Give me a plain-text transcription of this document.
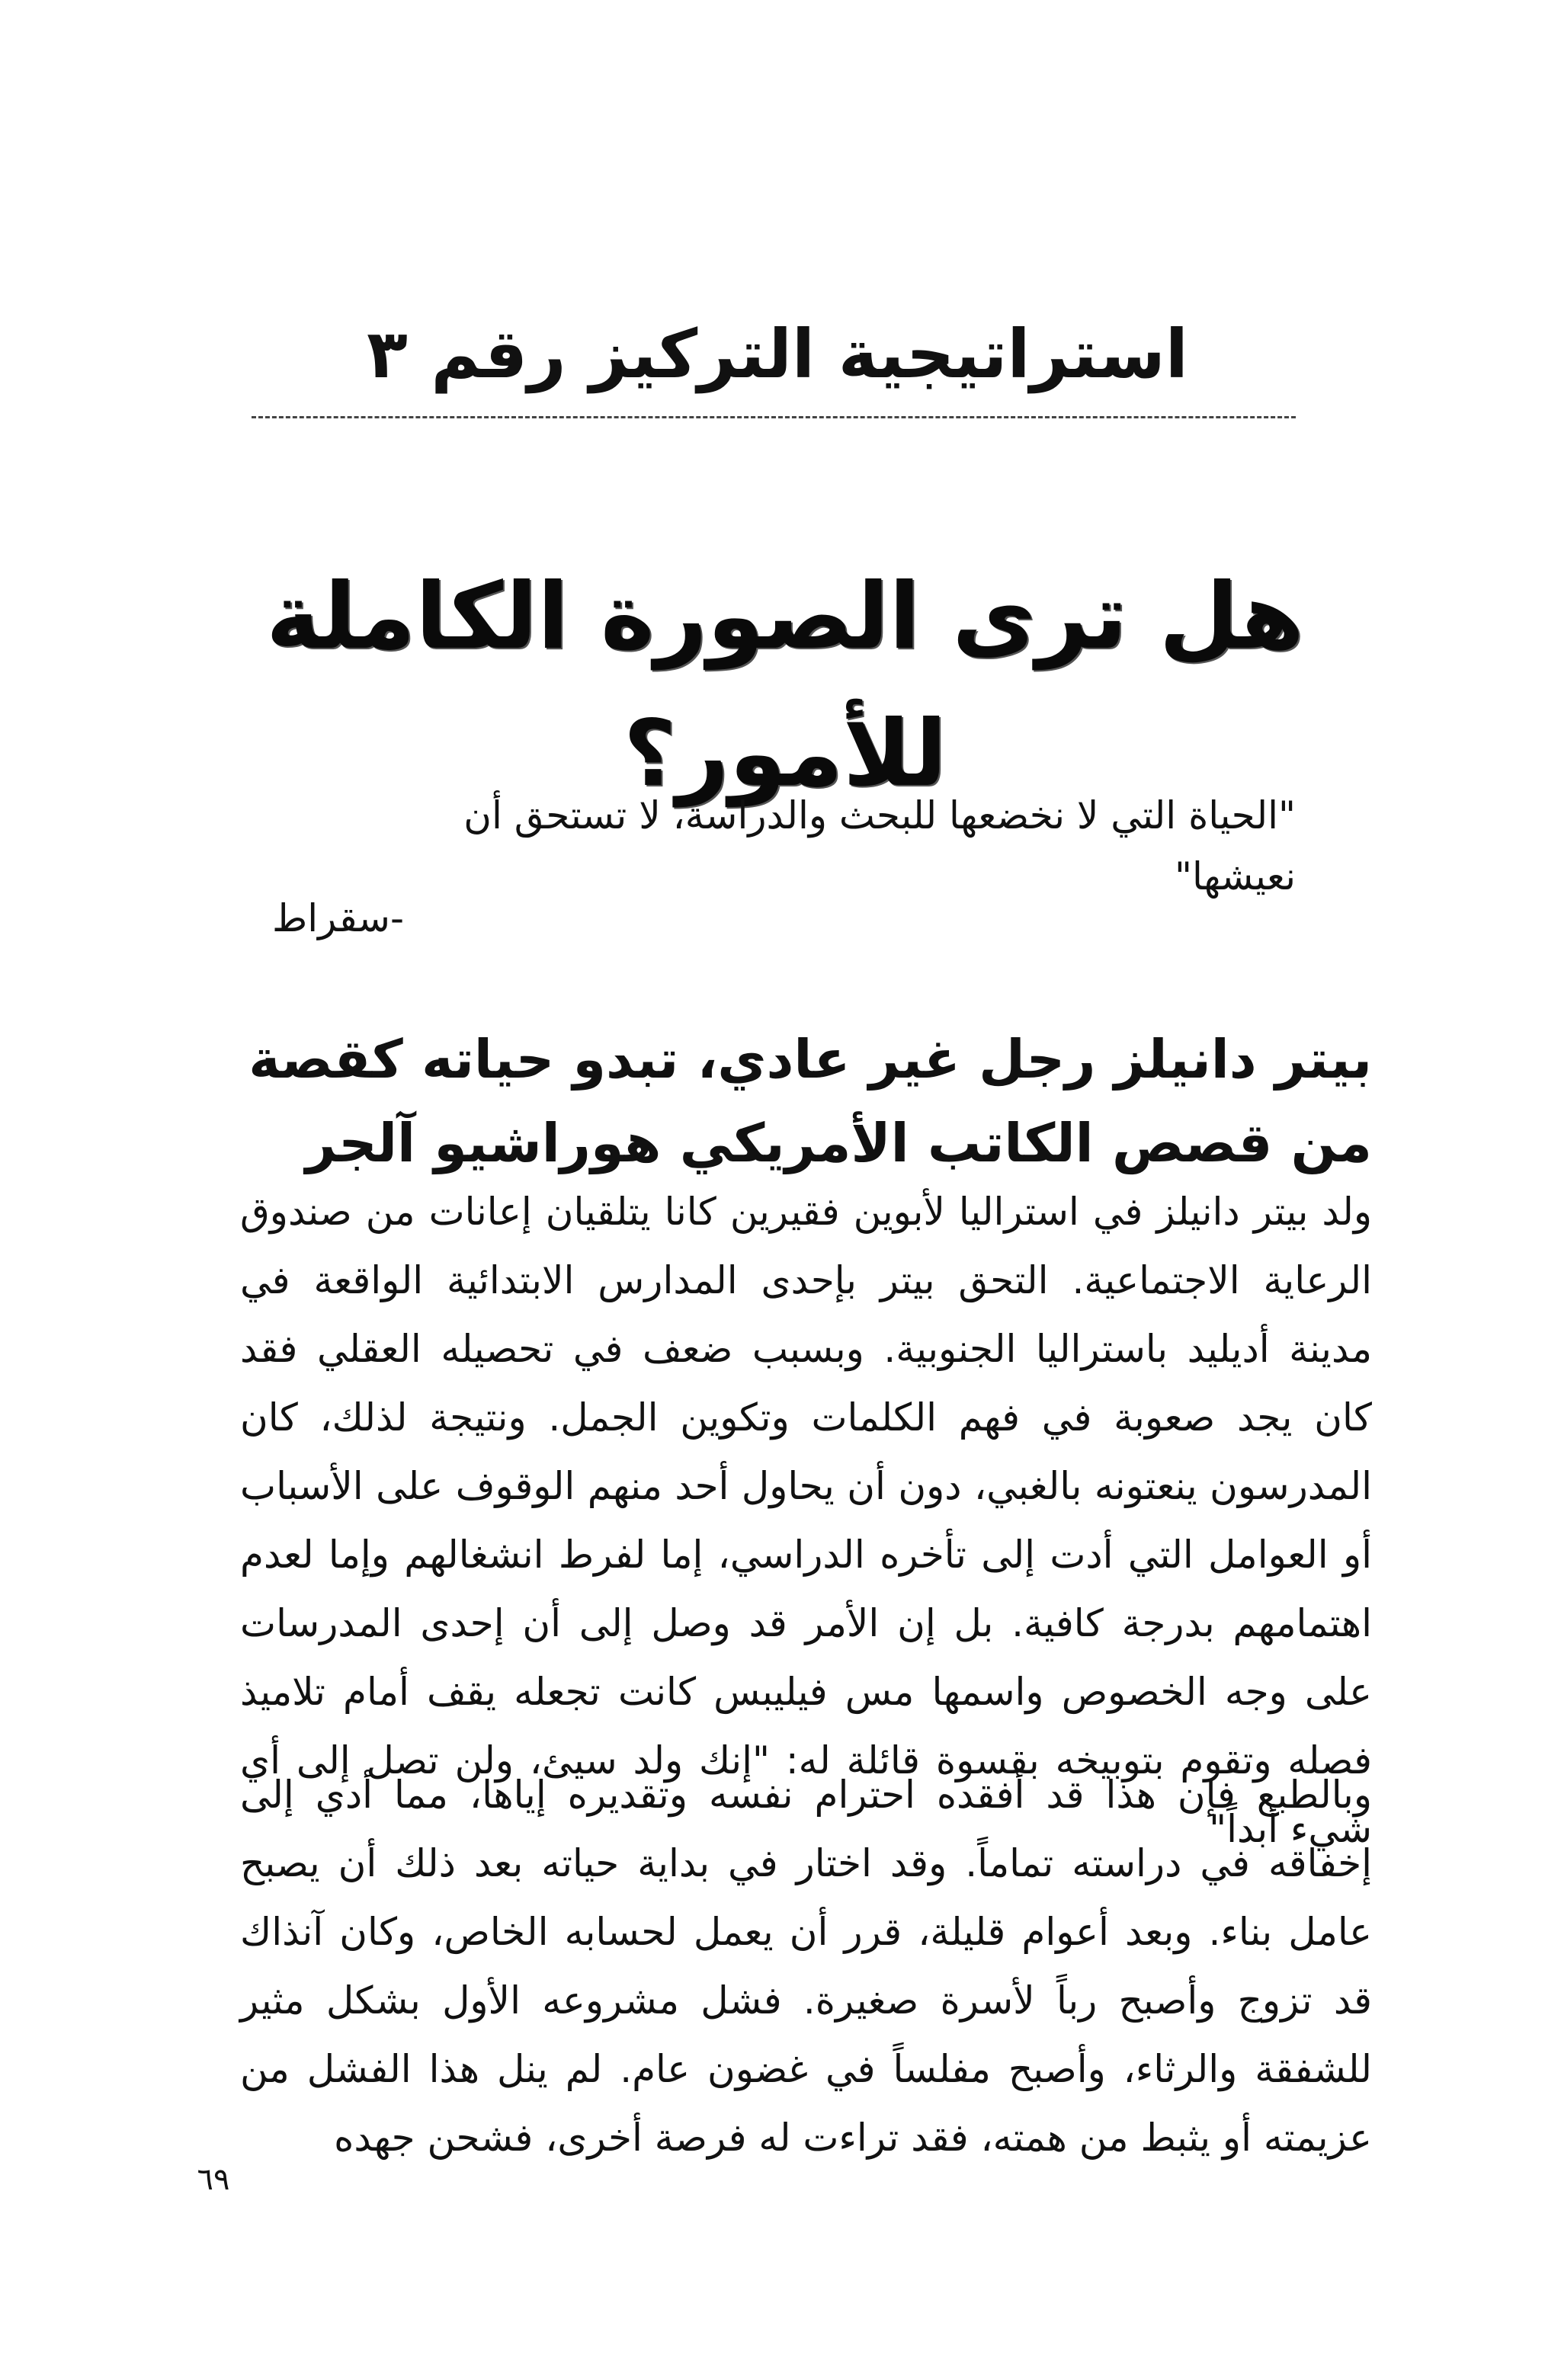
استراتيجية التركيز رقم ٣
هل ترى الصورة الكاملة للأمور؟
"الحياة التي لا نخضعها للبحث والدراسة، لا تستحق أن نعيشها"
-سقراط
بيتر دانيلز رجل غير عادي، تبدو حياته كقصة من قصص الكاتب الأمريكي هوراشيو آلجر

ولد بيتر دانيلز في استراليا لأبوين فقيرين كانا يتلقيان إعانات من صندوق الرعاية الاجتماعية. التحق بيتر بإحدى المدارس الابتدائية الواقعة في مدينة أديليد باستراليا الجنوبية. وبسبب ضعف في تحصيله العقلي فقد كان يجد صعوبة في فهم الكلمات وتكوين الجمل. ونتيجة لذلك، كان المدرسون ينعتونه بالغبي، دون أن يحاول أحد منهم الوقوف على الأسباب أو العوامل التي أدت إلى تأخره الدراسي، إما لفرط انشغالهم وإما لعدم اهتمامهم بدرجة كافية. بل إن الأمر قد وصل إلى أن إحدى المدرسات على وجه الخصوص واسمها مس فيليبس كانت تجعله يقف أمام تلاميذ فصله وتقوم بتوبيخه بقسوة قائلة له: "إنك ولد سيئ، ولن تصل إلى أي شيء أبداً"

وبالطبع فإن هذا قد أفقده احترام نفسه وتقديره إياها، مما أدي إلى إخفاقه في دراسته تماماً. وقد اختار في بداية حياته بعد ذلك أن يصبح عامل بناء. وبعد أعوام قليلة، قرر أن يعمل لحسابه الخاص، وكان آنذاك قد تزوج وأصبح رباً لأسرة صغيرة. فشل مشروعه الأول بشكل مثير للشفقة والرثاء، وأصبح مفلساً في غضون عام. لم ينل هذا الفشل من عزيمته أو يثبط من همته، فقد تراءت له فرصة أخرى، فشحن جهده

٦٩
